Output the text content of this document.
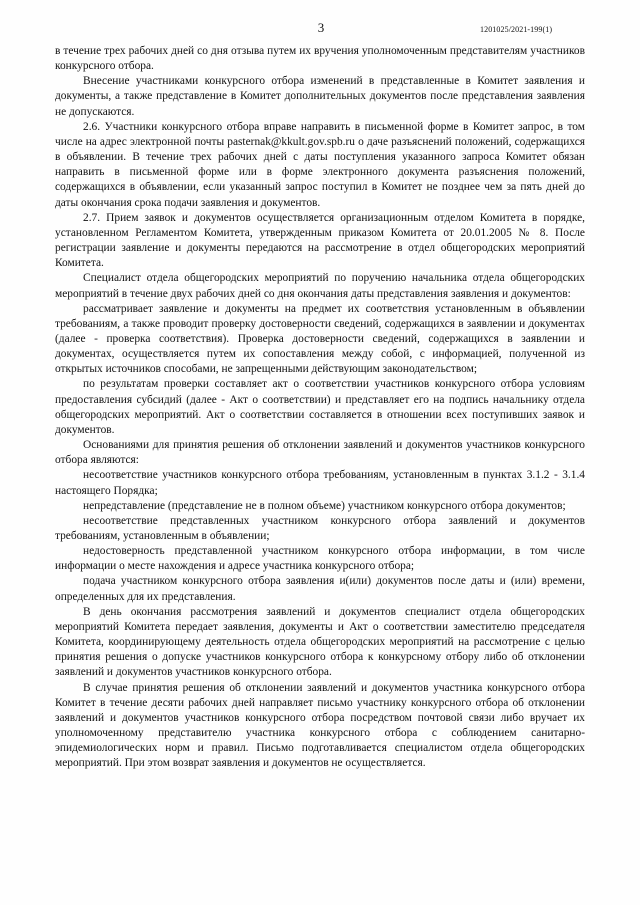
3	1201025/2021-199(1)

в течение трех рабочих дней со дня отзыва путем их вручения уполномоченным представителям участников конкурсного отбора.

Внесение участниками конкурсного отбора изменений в представленные в Комитет заявления и документы, а также представление в Комитет дополнительных документов после представления заявления не допускаются.

2.6. Участники конкурсного отбора вправе направить в письменной форме в Комитет запрос, в том числе на адрес электронной почты pasternak@kkult.gov.spb.ru о даче разъяснений положений, содержащихся в объявлении. В течение трех рабочих дней с даты поступления указанного запроса Комитет обязан направить в письменной форме или в форме электронного документа разъяснения положений, содержащихся в объявлении, если указанный запрос поступил в Комитет не позднее чем за пять дней до даты окончания срока подачи заявления и документов.

2.7. Прием заявок и документов осуществляется организационным отделом Комитета в порядке, установленном Регламентом Комитета, утвержденным приказом Комитета от 20.01.2005 № 8. После регистрации заявление и документы передаются на рассмотрение в отдел общегородских мероприятий Комитета.

Специалист отдела общегородских мероприятий по поручению начальника отдела общегородских мероприятий в течение двух рабочих дней со дня окончания даты представления заявления и документов:

рассматривает заявление и документы на предмет их соответствия установленным в объявлении требованиям, а также проводит проверку достоверности сведений, содержащихся в заявлении и документах (далее - проверка соответствия). Проверка достоверности сведений, содержащихся в заявлении и документах, осуществляется путем их сопоставления между собой, с информацией, полученной из открытых источников способами, не запрещенными действующим законодательством;

по результатам проверки составляет акт о соответствии участников конкурсного отбора условиям предоставления субсидий (далее - Акт о соответствии) и представляет его на подпись начальнику отдела общегородских мероприятий. Акт о соответствии составляется в отношении всех поступивших заявок и документов.

Основаниями для принятия решения об отклонении заявлений и документов участников конкурсного отбора являются:

несоответствие участников конкурсного отбора требованиям, установленным в пунктах 3.1.2 - 3.1.4 настоящего Порядка;

непредставление (представление не в полном объеме) участником конкурсного отбора документов;

несоответствие представленных участником конкурсного отбора заявлений и документов требованиям, установленным в объявлении;

недостоверность представленной участником конкурсного отбора информации, в том числе информации о месте нахождения и адресе участника конкурсного отбора;

подача участником конкурсного отбора заявления и(или) документов после даты и (или) времени, определенных для их представления.

В день окончания рассмотрения заявлений и документов специалист отдела общегородских мероприятий Комитета передает заявления, документы и Акт о соответствии заместителю председателя Комитета, координирующему деятельность отдела общегородских мероприятий на рассмотрение с целью принятия решения о допуске участников конкурсного отбора к конкурсному отбору либо об отклонении заявлений и документов участников конкурсного отбора.

В случае принятия решения об отклонении заявлений и документов участника конкурсного отбора Комитет в течение десяти рабочих дней направляет письмо участнику конкурсного отбора об отклонении заявлений и документов участников конкурсного отбора посредством почтовой связи либо вручает их уполномоченному представителю участника конкурсного отбора с соблюдением санитарно-эпидемиологических норм и правил. Письмо подготавливается специалистом отдела общегородских мероприятий. При этом возврат заявления и документов не осуществляется.
